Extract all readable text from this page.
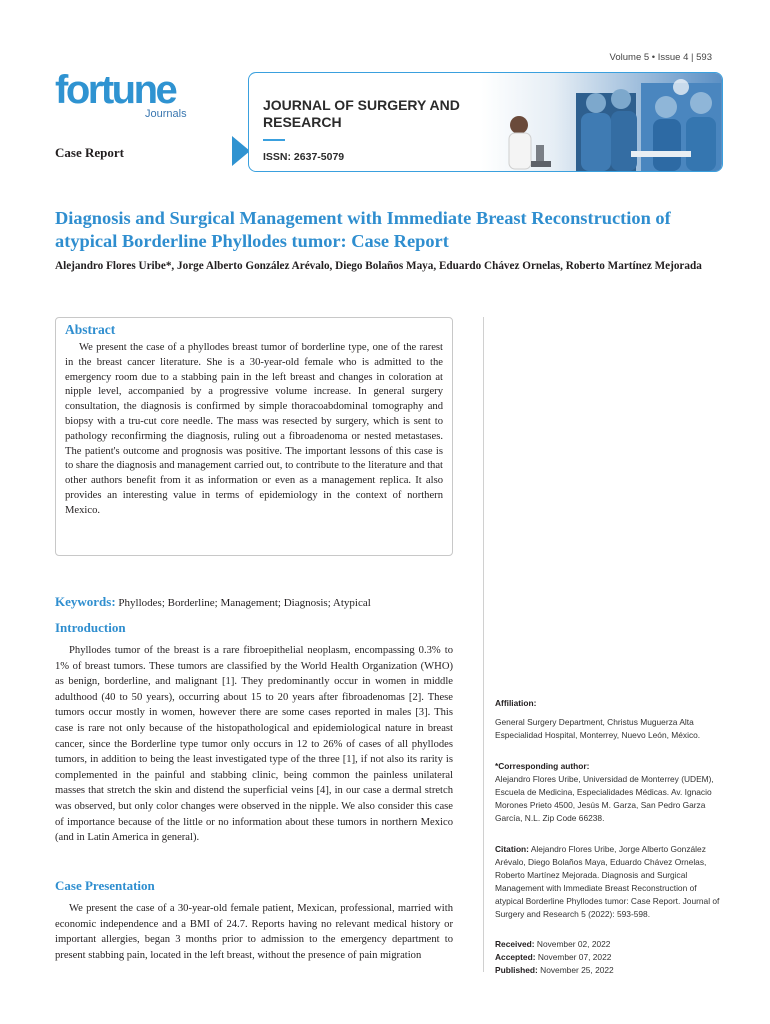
Volume 5 • Issue 4 | 593
fortune
Journals
Case Report
JOURNAL OF SURGERY AND RESEARCH
ISSN: 2637-5079
Diagnosis and Surgical Management with Immediate Breast Reconstruction of atypical Borderline Phyllodes tumor: Case Report
Alejandro Flores Uribe*, Jorge Alberto González Arévalo, Diego Bolaños Maya, Eduardo Chávez Ornelas, Roberto Martínez Mejorada
Abstract
We present the case of a phyllodes breast tumor of borderline type, one of the rarest in the breast cancer literature. She is a 30-year-old female who is admitted to the emergency room due to a stabbing pain in the left breast and changes in coloration at nipple level, accompanied by a progressive volume increase. In general surgery consultation, the diagnosis is confirmed by simple thoracoabdominal tomography and biopsy with a tru-cut core needle. The mass was resected by surgery, which is sent to pathology reconfirming the diagnosis, ruling out a fibroadenoma or nested metastases. The patient's outcome and prognosis was positive. The important lessons of this case is to share the diagnosis and management carried out, to contribute to the literature and that other authors benefit from it as information or even as a management replica. It also provides an interesting value in terms of epidemiology in the context of northern Mexico.
Keywords: Phyllodes; Borderline; Management; Diagnosis; Atypical
Introduction
Phyllodes tumor of the breast is a rare fibroepithelial neoplasm, encompassing 0.3% to 1% of breast tumors. These tumors are classified by the World Health Organization (WHO) as benign, borderline, and malignant [1]. They predominantly occur in women in middle adulthood (40 to 50 years), occurring about 15 to 20 years after fibroadenomas [2]. These tumors occur mostly in women, however there are some cases reported in males [3]. This case is rare not only because of the histopathological and epidemiological nature in breast cancer, since the Borderline type tumor only occurs in 12 to 26% of cases of all phyllodes tumors, in addition to being the least investigated type of the three [1], if not also its rarity is complemented in the painful and stabbing clinic, being common the painless unilateral masses that stretch the skin and distend the superficial veins [4], in our case a dermal stretch was observed, but only color changes were observed in the nipple. We also consider this case of importance because of the little or no information about these tumors in northern Mexico (and in Latin America in general).
Case Presentation
We present the case of a 30-year-old female patient, Mexican, professional, married with economic independence and a BMI of 24.7. Reports having no relevant medical history or important allergies, began 3 months prior to admission to the emergency department to present stabbing pain, located in the left breast, without the presence of pain migration
Affiliation:
General Surgery Department, Christus Muguerza Alta Especialidad Hospital, Monterrey, Nuevo León, México.
*Corresponding author:
Alejandro Flores Uribe, Universidad de Monterrey (UDEM), Escuela de Medicina, Especialidades Médicas. Av. Ignacio Morones Prieto 4500, Jesús M. Garza, San Pedro Garza García, N.L. Zip Code 66238.
Citation: Alejandro Flores Uribe, Jorge Alberto González Arévalo, Diego Bolaños Maya, Eduardo Chávez Ornelas, Roberto Martínez Mejorada. Diagnosis and Surgical Management with Immediate Breast Reconstruction of atypical Borderline Phyllodes tumor: Case Report. Journal of Surgery and Research 5 (2022): 593-598.
Received: November 02, 2022
Accepted: November 07, 2022
Published: November 25, 2022
